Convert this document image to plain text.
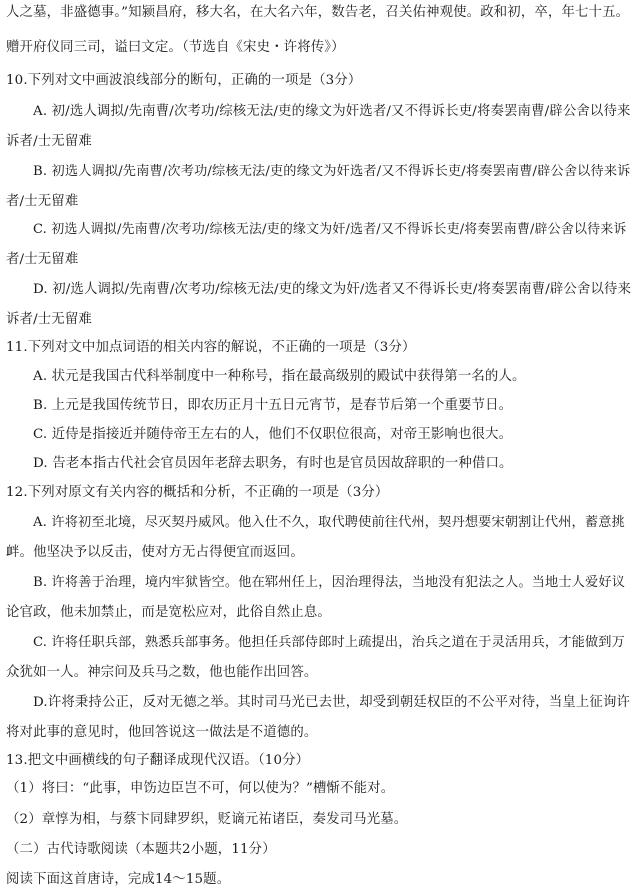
人之墓，非盛德事。”知颍昌府，移大名，在大名六年，数告老，召关佑神观使。政和初，卒，年七十五。
赠开府仪同三司，谥曰文定。（节选自《宋史・许将传》）
10.下列对文中画波浪线部分的断句，正确的一项是（3分）
A. 初/选人调拟/先南曹/次考功/综核无法/吏的缘文为奸选者/又不得诉长吏/将奏罢南曹/辟公舍以待来
诉者/士无留难
B. 初选人调拟/先南曹/次考功/综核无法/吏的缘文为奸选者/又不得诉长吏/将奏罢南曹/辟公舍以待来诉
者/士无留难
C. 初选人调拟/先南曹/次考功/综核无法/吏的缘文为奸/选者/又不得诉长吏/将奏罢南曹/辟公舍以待来诉
者/士无留难
D. 初/选人调拟/先南曹/次考功/综核无法/吏的缘文为奸/选者又不得诉长吏/将奏罢南曹/辟公舍以待来
诉者/士无留难
11.下列对文中加点词语的相关内容的解说，不正确的一项是（3分）
A. 状元是我国古代科举制度中一种称号，指在最高级别的殿试中获得第一名的人。
B. 上元是我国传统节日，即农历正月十五日元宵节，是春节后第一个重要节日。
C. 近侍是指接近并随侍帝王左右的人，他们不仅职位很高，对帝王影响也很大。
D. 告老本指古代社会官员因年老辞去职务，有时也是官员因故辞职的一种借口。
12.下列对原文有关内容的概括和分析，不正确的一项是（3分）
A. 许将初至北境，尽灭契丹威风。他入仕不久，取代聘使前往代州，契丹想要宋朝割让代州，蓄意挑
衅。他坚决予以反击，使对方无占得便宜而返回。
B. 许将善于治理，境内牢狱皆空。他在郓州任上，因治理得法，当地没有犯法之人。当地士人爱好议
论官政，他未加禁止，而是宽松应对，此俗自然止息。
C. 许将任职兵部，熟悉兵部事务。他担任兵部侍郎时上疏提出，治兵之道在于灵活用兵，才能做到万
众犹如一人。神宗问及兵马之数，他也能作出回答。
D.许将秉持公正，反对无德之举。其时司马光已去世，却受到朝廷权臣的不公平对待，当皇上征询许
将对此事的意见时，他回答说这一做法是不道德的。
13.把文中画横线的句子翻译成现代汉语。（10分）
（1）将曰：“此事，申饬边臣岂不可，何以使为？”槽惭不能对。
（2）章惇为相，与蔡卞同肆罗织，贬谪元祐诸臣，奏发司马光墓。
（二）古代诗歌阅读（本题共2小题，11分）
阅读下面这首唐诗，完成14～15题。
